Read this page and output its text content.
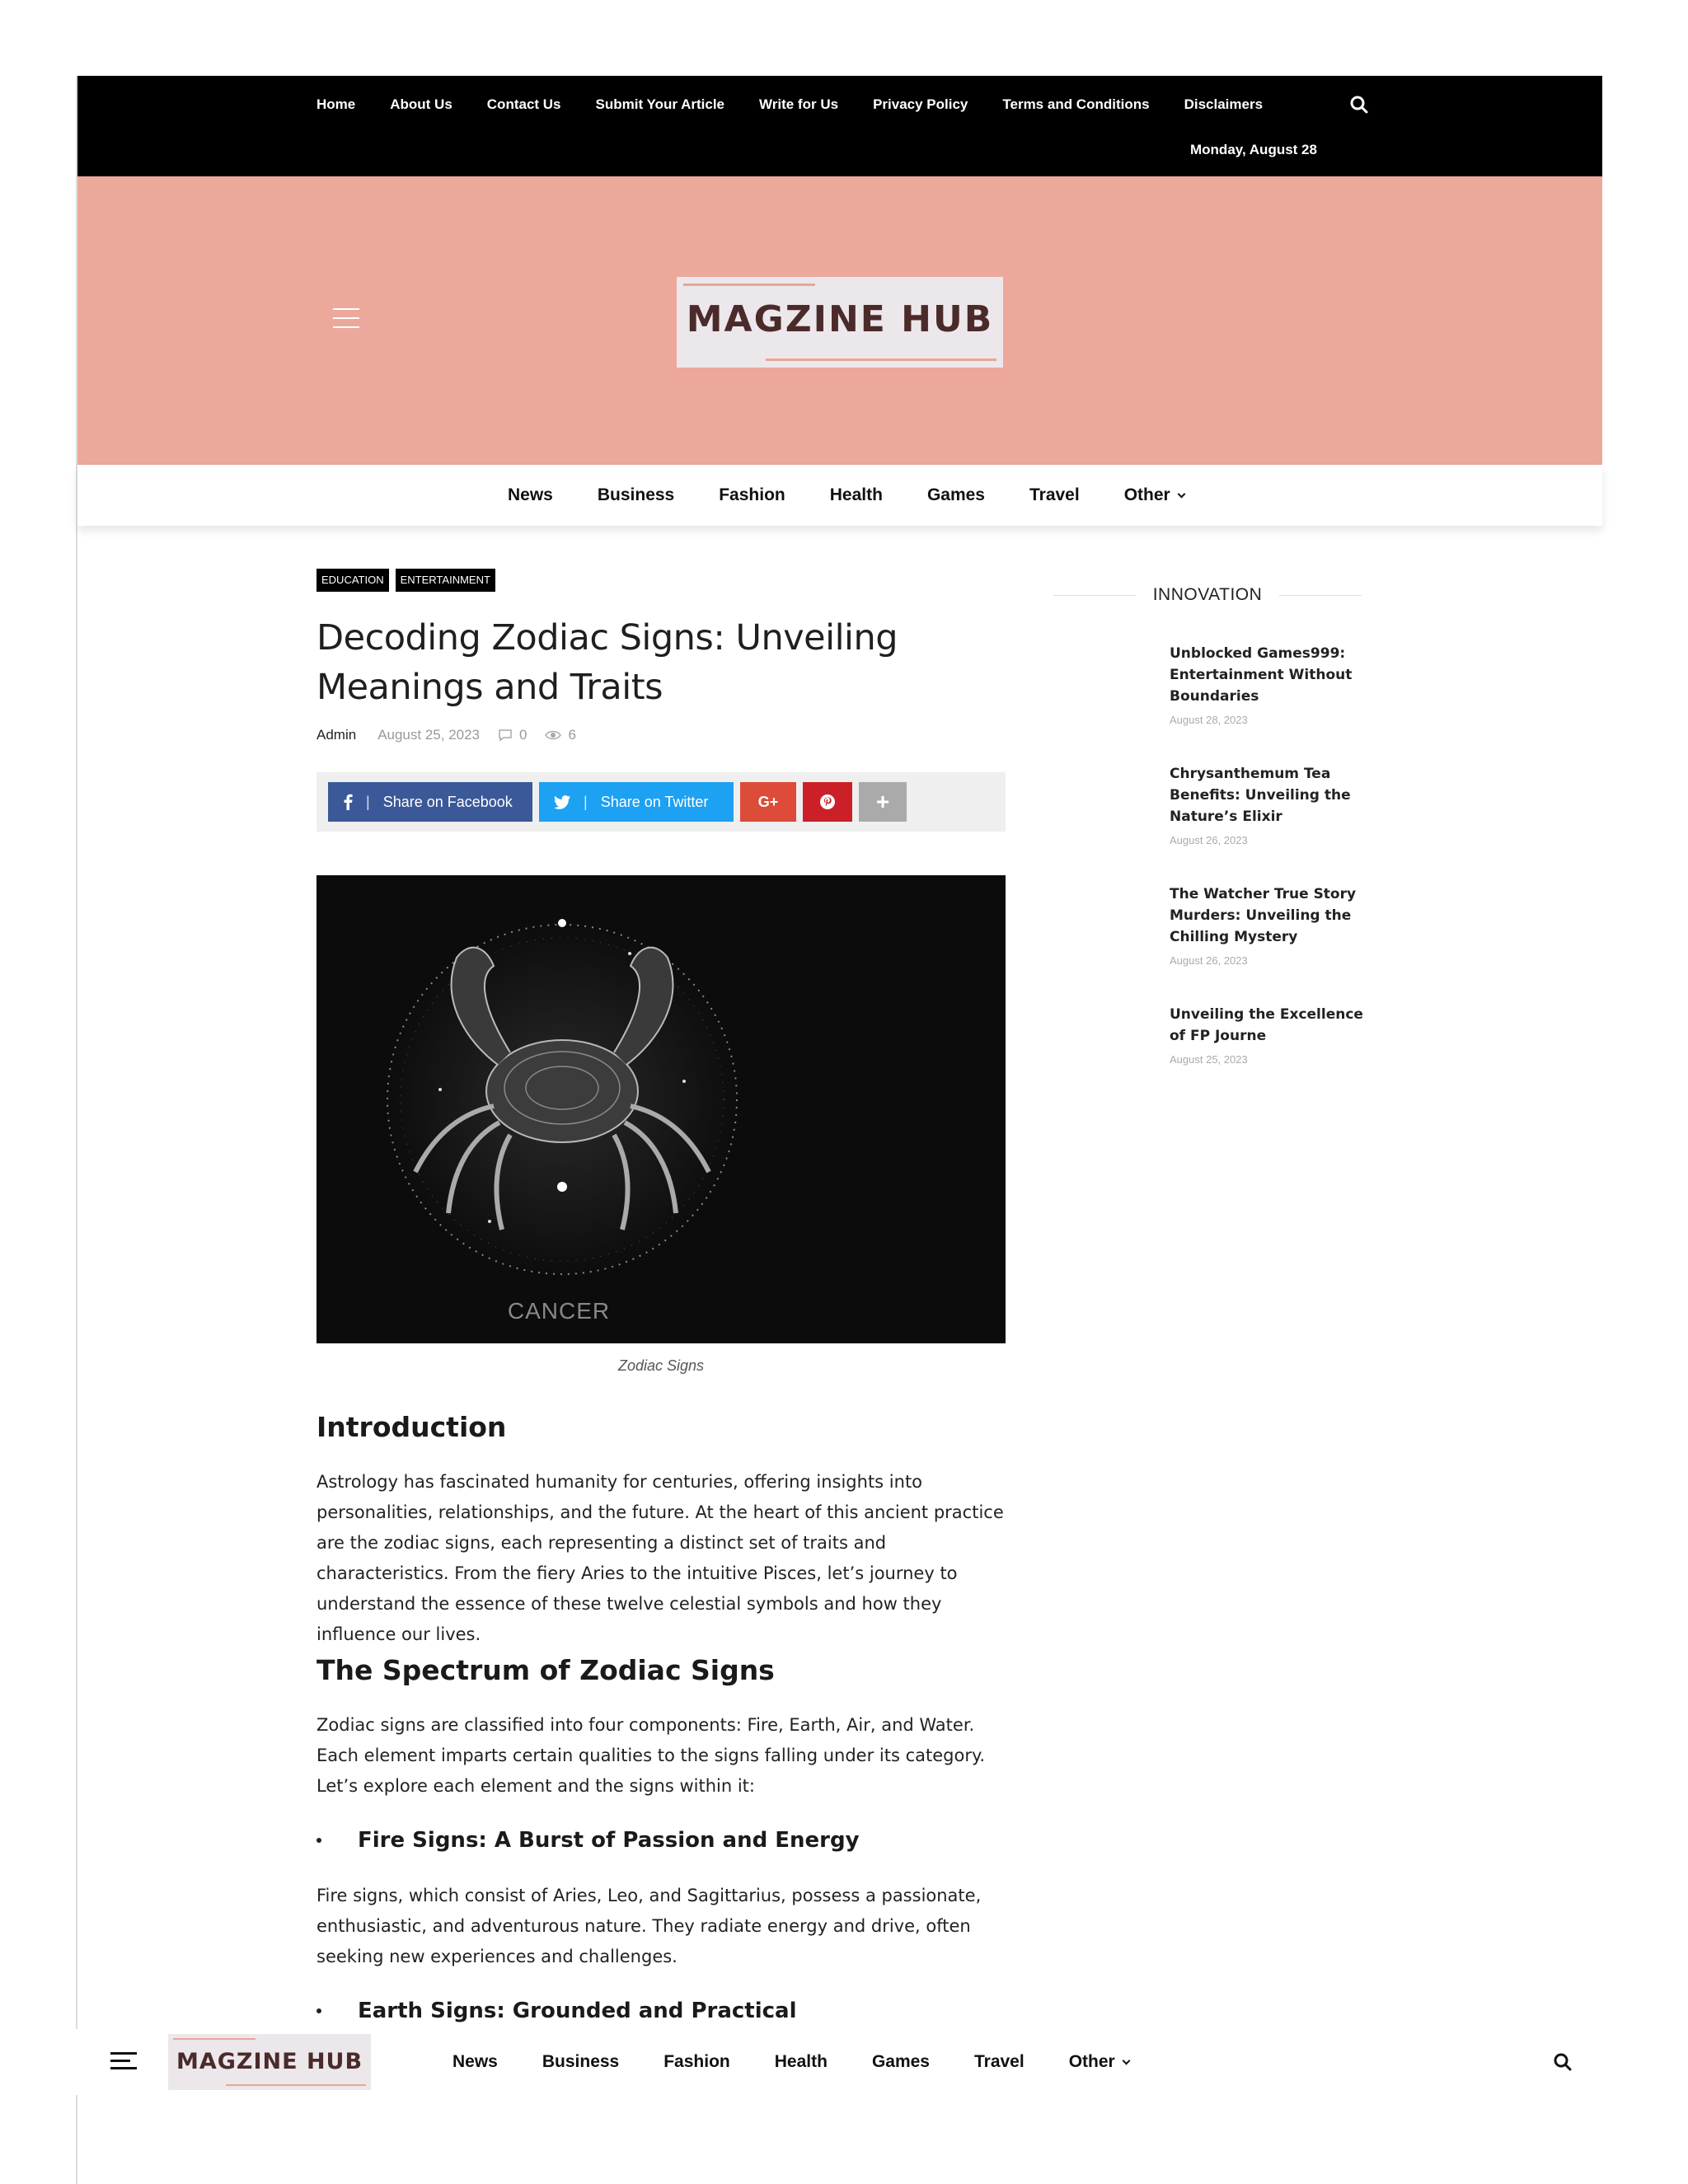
Home About Us Contact Us Submit Your Article Write for Us Privacy Policy Terms and Conditions Disclaimers
Monday, August 28
MAGZINE HUB
News	Business	Fashion	Health	Games	Travel	Other
EDUCATION	ENTERTAINMENT
Decoding Zodiac Signs: Unveiling Meanings and Traits
Admin August 25, 2023	0	6
| Share on Facebook	| Share on Twitter	G+	+
CANCER
Zodiac Signs
Introduction

Astrology has fascinated humanity for centuries, offering insights into personalities, relationships, and the future. At the heart of this ancient practice are the zodiac signs, each representing a distinct set of traits and characteristics. From the fiery Aries to the intuitive Pisces, let’s journey to understand the essence of these twelve celestial symbols and how they influence our lives.

The Spectrum of Zodiac Signs

Zodiac signs are classified into four components: Fire, Earth, Air, and Water. Each element imparts certain qualities to the signs falling under its category. Let’s explore each element and the signs within it:

Fire Signs: A Burst of Passion and Energy

Fire signs, which consist of Aries, Leo, and Sagittarius, possess a passionate, enthusiastic, and adventurous nature. They radiate energy and drive, often seeking new experiences and challenges.

Earth Signs: Grounded and Practical
INNOVATION
Unblocked Games999: Entertainment Without Boundaries
August 28, 2023
Chrysanthemum Tea Benefits: Unveiling the Nature’s Elixir
August 26, 2023
The Watcher True Story Murders: Unveiling the Chilling Mystery
August 26, 2023
Unveiling the Excellence of FP Journe
August 25, 2023
MAGZINE HUB	News	Business	Fashion	Health	Games	Travel	Other
